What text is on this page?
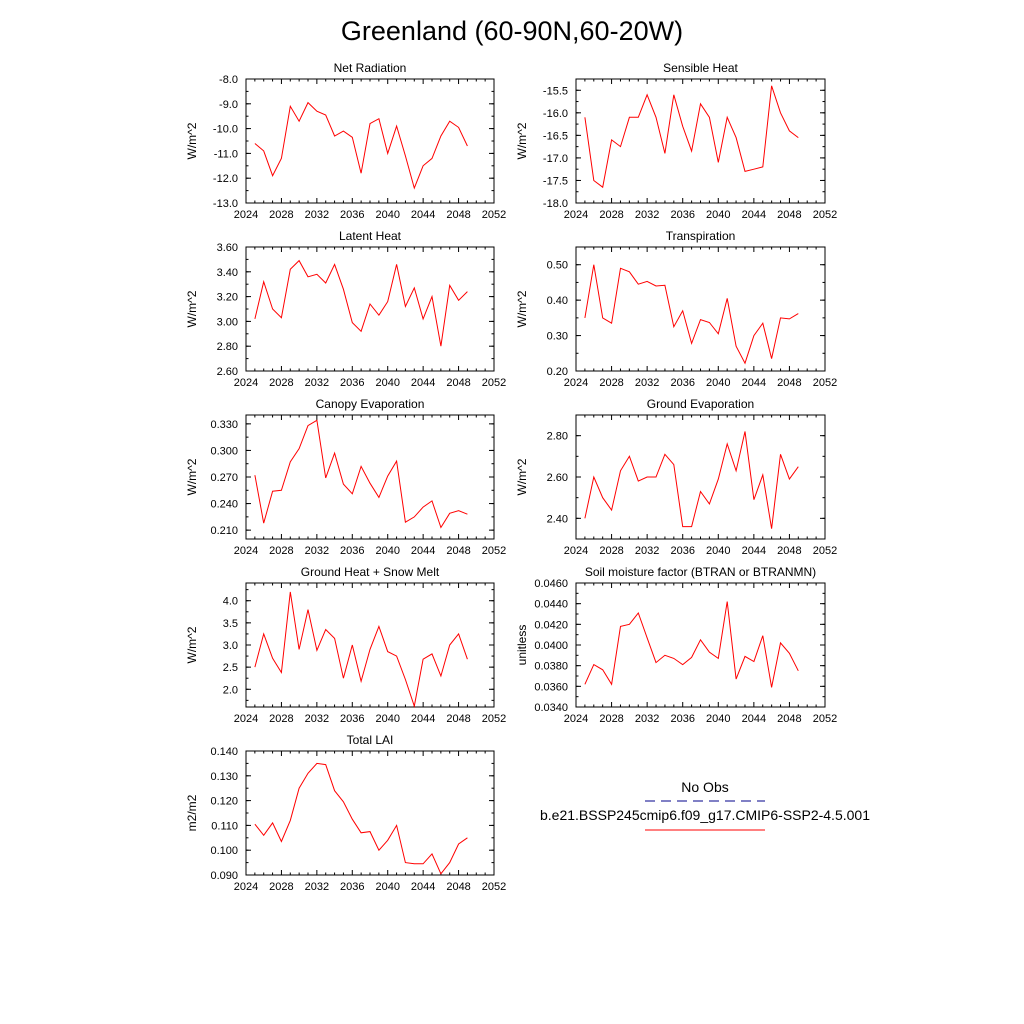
Greenland (60-90N,60-20W)
2024 2028 2032 2036 2040 2044 2048 2052
-13.0
-12.0
-11.0
-10.0
-9.0
-8.0
Net Radiation
W/m^2
2024 2028 2032 2036 2040 2044 2048 2052
-18.0
-17.5
-17.0
-16.5
-16.0
-15.5
Sensible Heat
W/m^2
2024 2028 2032 2036 2040 2044 2048 2052
2.60
2.80
3.00
3.20
3.40
3.60
Latent Heat
W/m^2
2024 2028 2032 2036 2040 2044 2048 2052
0.20
0.30
0.40
0.50
Transpiration
W/m^2
2024 2028 2032 2036 2040 2044 2048 2052
0.210
0.240
0.270
0.300
0.330
Canopy Evaporation
W/m^2
2024 2028 2032 2036 2040 2044 2048 2052
2.40
2.60
2.80
Ground Evaporation
W/m^2
2024 2028 2032 2036 2040 2044 2048 2052
2.0
2.5
3.0
3.5
4.0
Ground Heat + Snow Melt
W/m^2
2024 2028 2032 2036 2040 2044 2048 2052
0.0340
0.0360
0.0380
0.0400
0.0420
0.0440
0.0460
Soil moisture factor (BTRAN or BTRANMN)
unitless
2024 2028 2032 2036 2040 2044 2048 2052
0.090
0.100
0.110
0.120
0.130
0.140
Total LAI
m2/m2
No Obs
b.e21.BSSP245cmip6.f09_g17.CMIP6-SSP2-4.5.001
